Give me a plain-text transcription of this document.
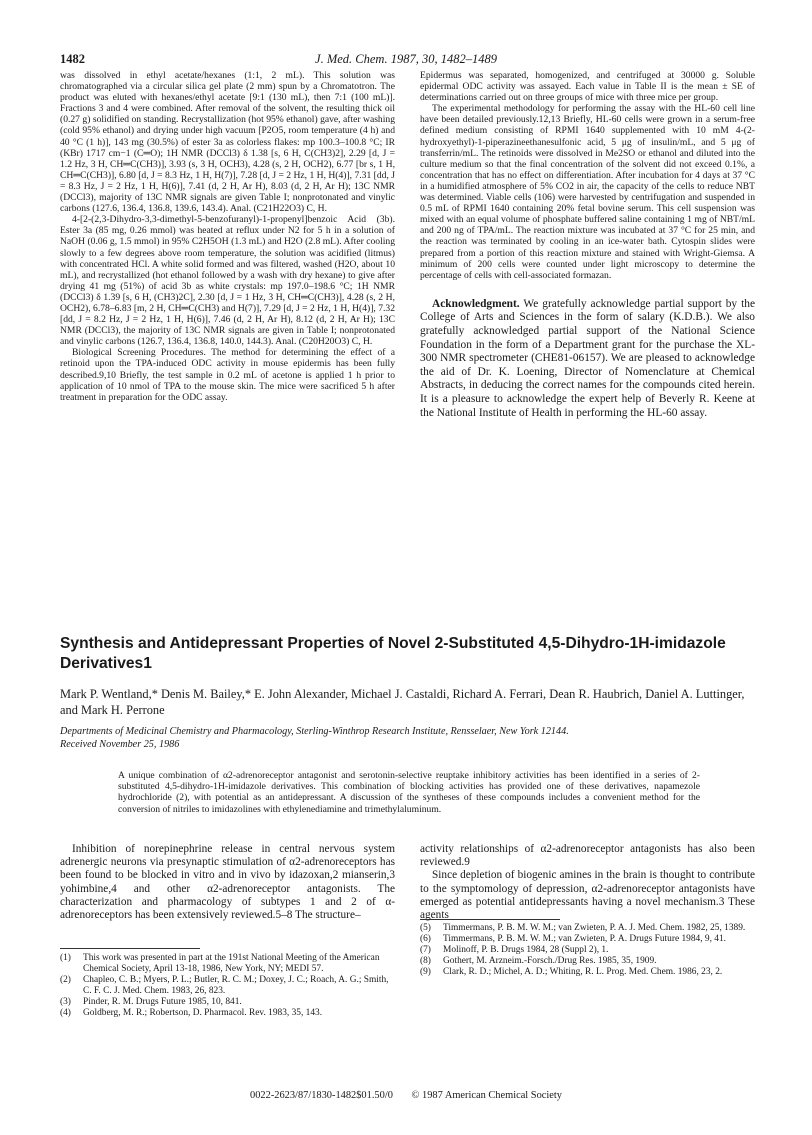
1482	J. Med. Chem. 1987, 30, 1482–1489

was dissolved in ethyl acetate/hexanes (1:1, 2 mL). This solution was chromatographed via a circular silica gel plate (2 mm) spun by a Chromatotron. The product was eluted with hexanes/ethyl acetate [9:1 (130 mL), then 7:1 (100 mL)]. Fractions 3 and 4 were combined. After removal of the solvent, the resulting thick oil (0.27 g) solidified on standing. Recrystallization (hot 95% ethanol) gave, after washing (cold 95% ethanol) and drying under high vacuum [P2O5, room temperature (4 h) and 40 °C (1 h)], 143 mg (30.5%) of ester 3a as colorless flakes: mp 100.3–100.8 °C; IR (KBr) 1717 cm−1 (C═O); 1H NMR (DCCl3) δ 1.38 [s, 6 H, C(CH3)2], 2.29 [d, J = 1.2 Hz, 3 H, CH═C(CH3)], 3.93 (s, 3 H, OCH3), 4.28 (s, 2 H, OCH2), 6.77 [br s, 1 H, CH═C(CH3)], 6.80 [d, J = 8.3 Hz, 1 H, H(7)], 7.28 [d, J = 2 Hz, 1 H, H(4)], 7.31 [dd, J = 8.3 Hz, J = 2 Hz, 1 H, H(6)], 7.41 (d, 2 H, Ar H), 8.03 (d, 2 H, Ar H); 13C NMR (DCCl3), majority of 13C NMR signals are given Table I; nonprotonated and vinylic carbons (127.6, 136.4, 136.8, 139.6, 143.4). Anal. (C21H22O3) C, H.

4-[2-(2,3-Dihydro-3,3-dimethyl-5-benzofuranyl)-1-propenyl]benzoic Acid (3b). Ester 3a (85 mg, 0.26 mmol) was heated at reflux under N2 for 5 h in a solution of NaOH (0.06 g, 1.5 mmol) in 95% C2H5OH (1.3 mL) and H2O (2.8 mL). After cooling slowly to a few degrees above room temperature, the solution was acidified (litmus) with concentrated HCl. A white solid formed and was filtered, washed (H2O, about 10 mL), and recrystallized (hot ethanol followed by a wash with dry hexane) to give after drying 41 mg (51%) of acid 3b as white crystals: mp 197.0–198.6 °C; 1H NMR (DCCl3) δ 1.39 [s, 6 H, (CH3)2C], 2.30 [d, J = 1 Hz, 3 H, CH═C(CH3)], 4.28 (s, 2 H, OCH2), 6.78–6.83 [m, 2 H, CH═C(CH3) and H(7)], 7.29 [d, J = 2 Hz, 1 H, H(4)], 7.32 [dd, J = 8.2 Hz, J = 2 Hz, 1 H, H(6)], 7.46 (d, 2 H, Ar H), 8.12 (d, 2 H, Ar H); 13C NMR (DCCl3), the majority of 13C NMR signals are given in Table I; nonprotonated and vinylic carbons (126.7, 136.4, 136.8, 140.0, 144.3). Anal. (C20H20O3) C, H.

Biological Screening Procedures. The method for determining the effect of a retinoid upon the TPA-induced ODC activity in mouse epidermis has been fully described.9,10 Briefly, the test sample in 0.2 mL of acetone is applied 1 h prior to application of 10 nmol of TPA to the mouse skin. The mice were sacrificed 5 h after treatment in preparation for the ODC assay.

Epidermus was separated, homogenized, and centrifuged at 30000 g. Soluble epidermal ODC activity was assayed. Each value in Table II is the mean ± SE of determinations carried out on three groups of mice with three mice per group.

The experimental methodology for performing the assay with the HL-60 cell line have been detailed previously.12,13 Briefly, HL-60 cells were grown in a serum-free defined medium consisting of RPMI 1640 supplemented with 10 mM 4-(2-hydroxyethyl)-1-piperazineethanesulfonic acid, 5 μg of insulin/mL, and 5 μg of transferrin/mL. The retinoids were dissolved in Me2SO or ethanol and diluted into the culture medium so that the final concentration of the solvent did not exceed 0.1%, a concentration that has no effect on differentiation. After incubation for 4 days at 37 °C in a humidified atmosphere of 5% CO2 in air, the capacity of the cells to reduce NBT was determined. Viable cells (106) were harvested by centrifugation and suspended in 0.5 mL of RPMI 1640 containing 20% fetal bovine serum. This cell suspension was mixed with an equal volume of phosphate buffered saline containing 1 mg of NBT/mL and 200 ng of TPA/mL. The reaction mixture was incubated at 37 °C for 25 min, and the reaction was terminated by cooling in an ice-water bath. Cytospin slides were prepared from a portion of this reaction mixture and stained with Wright-Giemsa. A minimum of 200 cells were counted under light microscopy to determine the percentage of cells with cell-associated formazan.

Acknowledgment. We gratefully acknowledge partial support by the College of Arts and Sciences in the form of salary (K.D.B.). We also gratefully acknowledged partial support of the National Science Foundation in the form of a Department grant for the purchase the XL-300 NMR spectrometer (CHE81-06157). We are pleased to acknowledge the aid of Dr. K. Loening, Director of Nomenclature at Chemical Abstracts, in deducing the correct names for the compounds cited herein. It is a pleasure to acknowledge the expert help of Beverly R. Keene at the National Institute of Health in performing the HL-60 assay.

Synthesis and Antidepressant Properties of Novel 2-Substituted 4,5-Dihydro-1H-imidazole Derivatives1
Mark P. Wentland,* Denis M. Bailey,* E. John Alexander, Michael J. Castaldi, Richard A. Ferrari, Dean R. Haubrich, Daniel A. Luttinger, and Mark H. Perrone
Departments of Medicinal Chemistry and Pharmacology, Sterling-Winthrop Research Institute, Rensselaer, New York 12144.
Received November 25, 1986
A unique combination of α2-adrenoreceptor antagonist and serotonin-selective reuptake inhibitory activities has been identified in a series of 2-substituted 4,5-dihydro-1H-imidazole derivatives. This combination of blocking activities has provided one of these derivatives, napamezole hydrochloride (2), with potential as an antidepressant. A discussion of the syntheses of these compounds includes a convenient method for the conversion of nitriles to imidazolines with ethylenediamine and trimethylaluminum.

Inhibition of norepinephrine release in central nervous system adrenergic neurons via presynaptic stimulation of α2-adrenoreceptors has been found to be blocked in vitro and in vivo by idazoxan,2 mianserin,3 yohimbine,4 and other α2-adrenoreceptor antagonists. The characterization and pharmacology of subtypes 1 and 2 of α-adrenoreceptors has been extensively reviewed.5–8 The structure–

activity relationships of α2-adrenoreceptor antagonists has also been reviewed.9

Since depletion of biogenic amines in the brain is thought to contribute to the symptomology of depression, α2-adrenoreceptor antagonists have emerged as potential antidepressants having a novel mechanism.3 These agents

(1) This work was presented in part at the 191st National Meeting of the American Chemical Society, April 13-18, 1986, New York, NY; MEDI 57.
(2) Chapleo, C. B.; Myers, P. L.; Butler, R. C. M.; Doxey, J. C.; Roach, A. G.; Smith, C. F. C. J. Med. Chem. 1983, 26, 823.
(3) Pinder, R. M. Drugs Future 1985, 10, 841.
(4) Goldberg, M. R.; Robertson, D. Pharmacol. Rev. 1983, 35, 143.
(5) Timmermans, P. B. M. W. M.; van Zwieten, P. A. J. Med. Chem. 1982, 25, 1389.
(6) Timmermans, P. B. M. W. M.; van Zwieten, P. A. Drugs Future 1984, 9, 41.
(7) Molinoff, P. B. Drugs 1984, 28 (Suppl 2), 1.
(8) Gothert, M. Arzneim.-Forsch./Drug Res. 1985, 35, 1909.
(9) Clark, R. D.; Michel, A. D.; Whiting, R. L. Prog. Med. Chem. 1986, 23, 2.
0022-2623/87/1830-1482$01.50/0 © 1987 American Chemical Society
